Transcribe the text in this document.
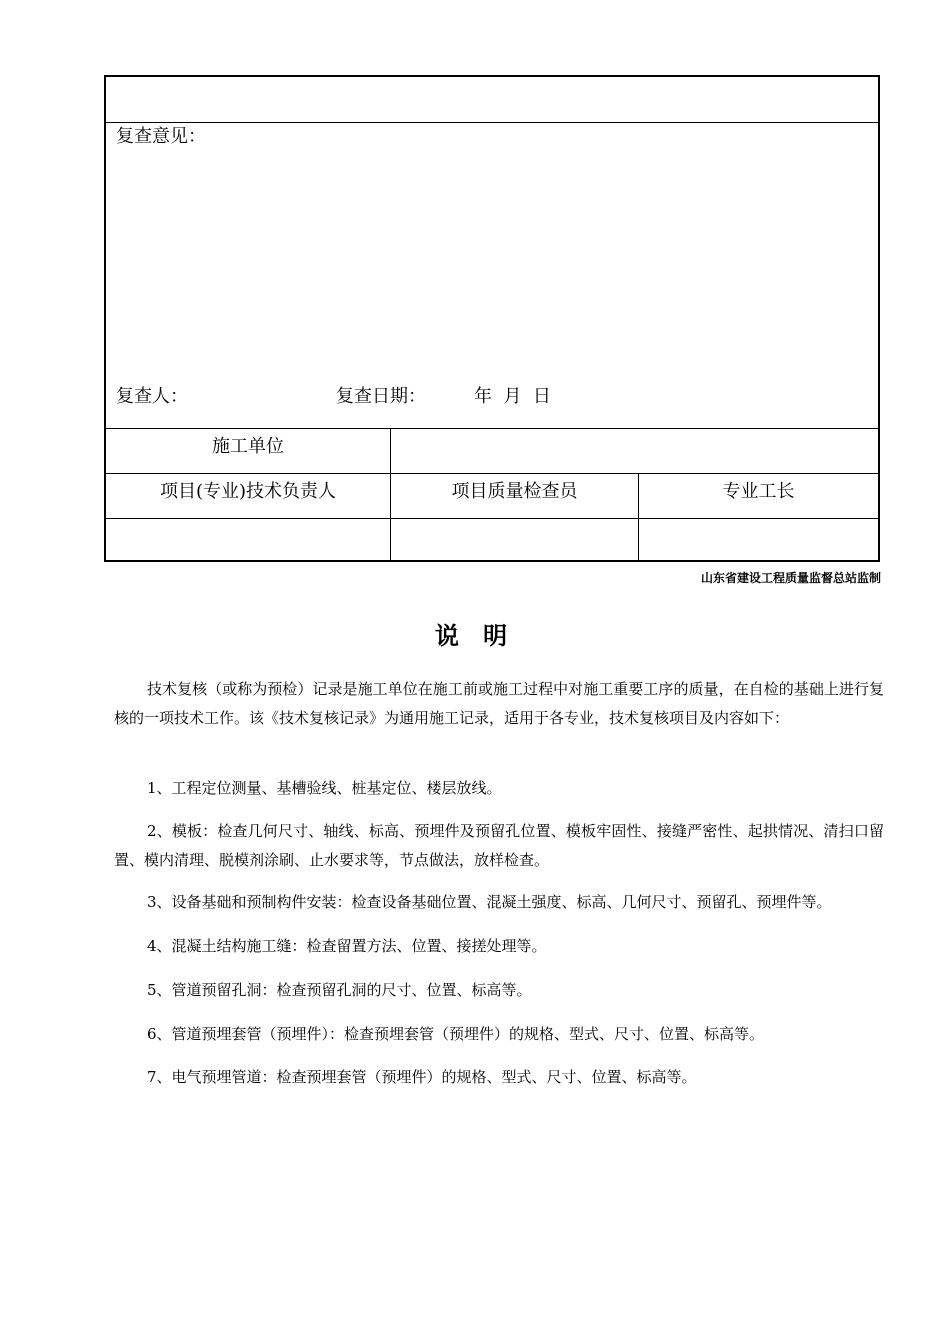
复查意见：
复查人：	复查日期：	年  月  日
施工单位
项目(专业)技术负责人	项目质量检查员	专业工长
山东省建设工程质量监督总站监制
说 明

技术复核（或称为预检）记录是施工单位在施工前或施工过程中对施工重要工序的质量，在自检的基础上进行复核的一项技术工作。该《技术复核记录》为通用施工记录，适用于各专业，技术复核项目及内容如下：

1、工程定位测量、基槽验线、桩基定位、楼层放线。

2、模板：检查几何尺寸、轴线、标高、预埋件及预留孔位置、模板牢固性、接缝严密性、起拱情况、清扫口留置、模内清理、脱模剂涂刷、止水要求等，节点做法，放样检查。

3、设备基础和预制构件安装：检查设备基础位置、混凝土强度、标高、几何尺寸、预留孔、预埋件等。

4、混凝土结构施工缝：检查留置方法、位置、接搓处理等。

5、管道预留孔洞：检查预留孔洞的尺寸、位置、标高等。

6、管道预埋套管（预埋件）：检查预埋套管（预埋件）的规格、型式、尺寸、位置、标高等。

7、电气预埋管道：检查预埋套管（预埋件）的规格、型式、尺寸、位置、标高等。
